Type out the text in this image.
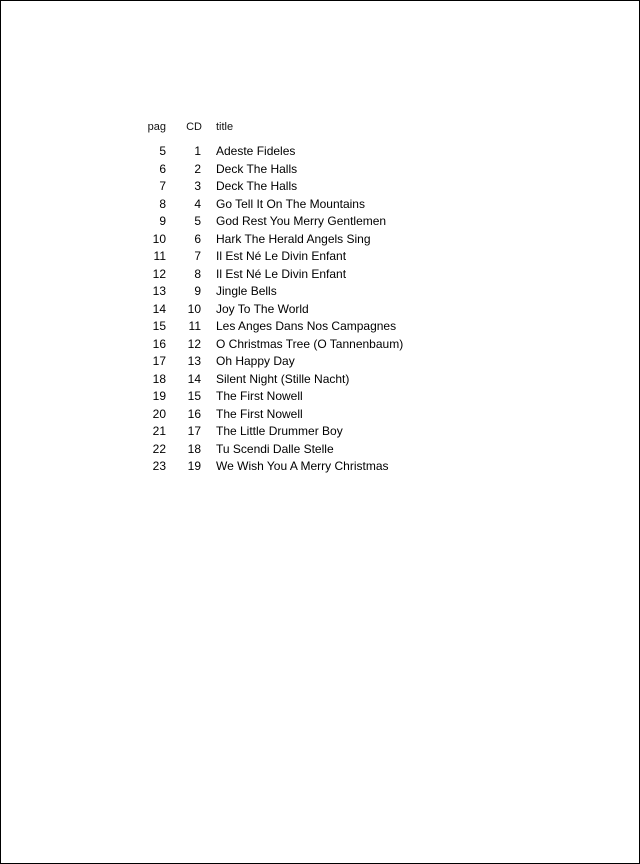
pag	CD title
5	1 Adeste Fideles
6	2 Deck The Halls
7	3 Deck The Halls
8	4 Go Tell It On The Mountains
9	5 God Rest You Merry Gentlemen
10	6 Hark The Herald Angels Sing
11	7 Il Est Né Le Divin Enfant
12	8 Il Est Né Le Divin Enfant
13	9 Jingle Bells
14	10 Joy To The World
15	11 Les Anges Dans Nos Campagnes
16	12 O Christmas Tree (O Tannenbaum)
17	13 Oh Happy Day
18	14 Silent Night (Stille Nacht)
19	15 The First Nowell
20	16 The First Nowell
21	17 The Little Drummer Boy
22	18 Tu Scendi Dalle Stelle
23	19 We Wish You A Merry Christmas
